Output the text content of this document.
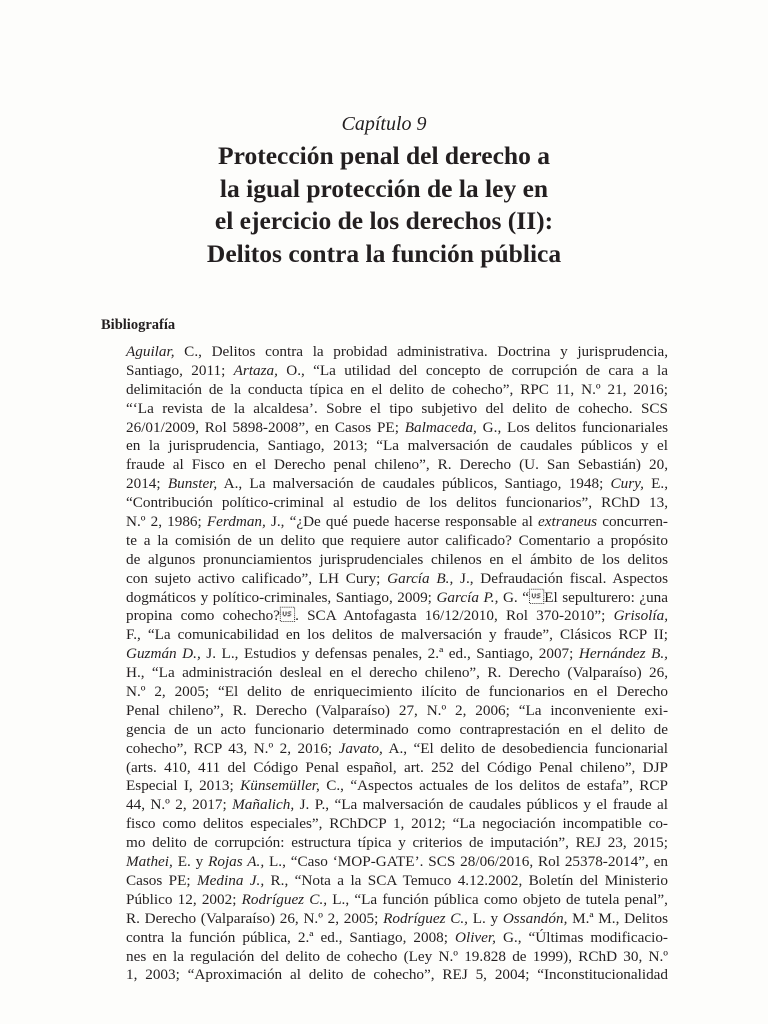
Capítulo 9
Protección penal del derecho a
la igual protección de la ley en
el ejercicio de los derechos (II):
Delitos contra la función pública
Bibliografía
Aguilar, C., Delitos contra la probidad administrativa. Doctrina y jurisprudencia,
Santiago, 2011; Artaza, O., “La utilidad del concepto de corrupción de cara a la
delimitación de la conducta típica en el delito de cohecho”, RPC 11, N.º 21, 2016;
“‘La revista de la alcaldesa’. Sobre el tipo subjetivo del delito de cohecho. SCS
26/01/2009, Rol 5898-2008”, en Casos PE; Balmaceda, G., Los delitos funcionariales
en la jurisprudencia, Santiago, 2013; “La malversación de caudales públicos y el
fraude al Fisco en el Derecho penal chileno”, R. Derecho (U. San Sebastián) 20,
2014; Bunster, A., La malversación de caudales públicos, Santiago, 1948; Cury, E.,
“Contribución político-criminal al estudio de los delitos funcionarios”, RChD 13,
N.º 2, 1986; Ferdman, J., “¿De qué puede hacerse responsable al extraneus concurren-
te a la comisión de un delito que requiere autor calificado? Comentario a propósito
de algunos pronunciamientos jurisprudenciales chilenos en el ámbito de los delitos
con sujeto activo calificado”, LH Cury; García B., J., Defraudación fiscal. Aspectos
dogmáticos y político-criminales, Santiago, 2009; García P., G. “El sepulturero: ¿una
propina como cohecho?. SCA Antofagasta 16/12/2010, Rol 370-2010”; Grisolía,
F., “La comunicabilidad en los delitos de malversación y fraude”, Clásicos RCP II;
Guzmán D., J. L., Estudios y defensas penales, 2.ª ed., Santiago, 2007; Hernández B.,
H., “La administración desleal en el derecho chileno”, R. Derecho (Valparaíso) 26,
N.º 2, 2005; “El delito de enriquecimiento ilícito de funcionarios en el Derecho
Penal chileno”, R. Derecho (Valparaíso) 27, N.º 2, 2006; “La inconveniente exi-
gencia de un acto funcionario determinado como contraprestación en el delito de
cohecho”, RCP 43, N.º 2, 2016; Javato, A., “El delito de desobediencia funcionarial
(arts. 410, 411 del Código Penal español, art. 252 del Código Penal chileno”, DJP
Especial I, 2013; Künsemüller, C., “Aspectos actuales de los delitos de estafa”, RCP
44, N.º 2, 2017; Mañalich, J. P., “La malversación de caudales públicos y el fraude al
fisco como delitos especiales”, RChDCP 1, 2012; “La negociación incompatible co-
mo delito de corrupción: estructura típica y criterios de imputación”, REJ 23, 2015;
Mathei, E. y Rojas A., L., “Caso ‘MOP-GATE’. SCS 28/06/2016, Rol 25378-2014”, en
Casos PE; Medina J., R., “Nota a la SCA Temuco 4.12.2002, Boletín del Ministerio
Público 12, 2002; Rodríguez C., L., “La función pública como objeto de tutela penal”,
R. Derecho (Valparaíso) 26, N.º 2, 2005; Rodríguez C., L. y Ossandón, M.ª M., Delitos
contra la función pública, 2.ª ed., Santiago, 2008; Oliver, G., “Últimas modificacio-
nes en la regulación del delito de cohecho (Ley N.º 19.828 de 1999), RChD 30, N.º
1, 2003; “Aproximación al delito de cohecho”, REJ 5, 2004; “Inconstitucionalidad
